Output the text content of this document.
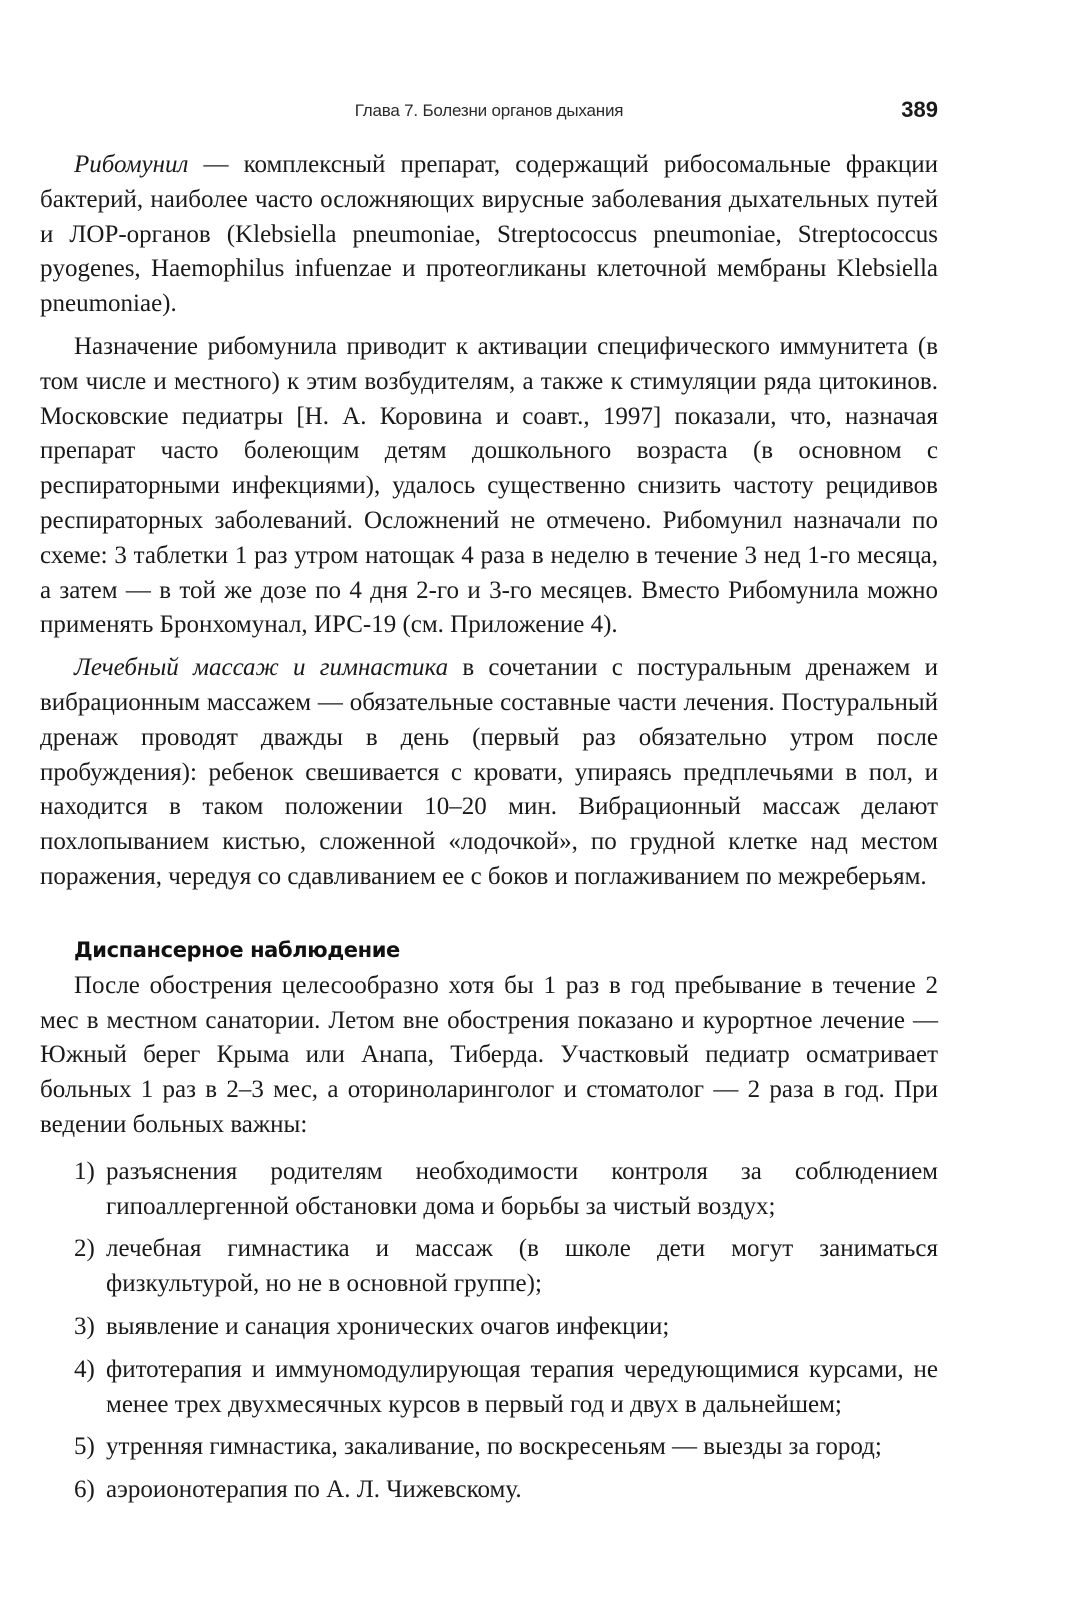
Глава 7. Болезни органов дыхания	389

Рибомунил — комплексный препарат, содержащий рибосомальные фракции бактерий, наиболее часто осложняющих вирусные заболевания дыхательных путей и ЛОР-органов (Klebsiella pneumoniae, Streptococcus pneumoniae, Streptococcus pyogenes, Haemophilus infuenzae и протеогликаны клеточной мембраны Klebsiella pneumoniae).

Назначение рибомунила приводит к активации специфического иммунитета (в том числе и местного) к этим возбудителям, а также к стимуляции ряда цитокинов. Московские педиатры [Н. А. Коровина и соавт., 1997] показали, что, назначая препарат часто болеющим детям дошкольного возраста (в основном с респираторными инфекциями), удалось существенно снизить частоту рецидивов респираторных заболеваний. Осложнений не отмечено. Рибомунил назначали по схеме: 3 таблетки 1 раз утром натощак 4 раза в неделю в течение 3 нед 1-го месяца, а затем — в той же дозе по 4 дня 2-го и 3-го месяцев. Вместо Рибомунила можно применять Бронхомунал, ИРС-19 (см. Приложение 4).

Лечебный массаж и гимнастика в сочетании с постуральным дренажем и вибрационным массажем — обязательные составные части лечения. Постуральный дренаж проводят дважды в день (первый раз обязательно утром после пробуждения): ребенок свешивается с кровати, упираясь предплечьями в пол, и находится в таком положении 10–20 мин. Вибрационный массаж делают похлопыванием кистью, сложенной «лодочкой», по грудной клетке над местом поражения, чередуя со сдавливанием ее с боков и поглаживанием по межреберьям.

Диспансерное наблюдение

После обострения целесообразно хотя бы 1 раз в год пребывание в течение 2 мес в местном санатории. Летом вне обострения показано и курортное лечение — Южный берег Крыма или Анапа, Тиберда. Участковый педиатр осматривает больных 1 раз в 2–3 мес, а оториноларинголог и стоматолог — 2 раза в год. При ведении больных важны:

1) разъяснения родителям необходимости контроля за соблюдением гипоаллергенной обстановки дома и борьбы за чистый воздух;
2) лечебная гимнастика и массаж (в школе дети могут заниматься физкультурой, но не в основной группе);
3) выявление и санация хронических очагов инфекции;
4) фитотерапия и иммуномодулирующая терапия чередующимися курсами, не менее трех двухмесячных курсов в первый год и двух в дальнейшем;
5) утренняя гимнастика, закаливание, по воскресеньям — выезды за город;
6) аэроионотерапия по А. Л. Чижевскому.
